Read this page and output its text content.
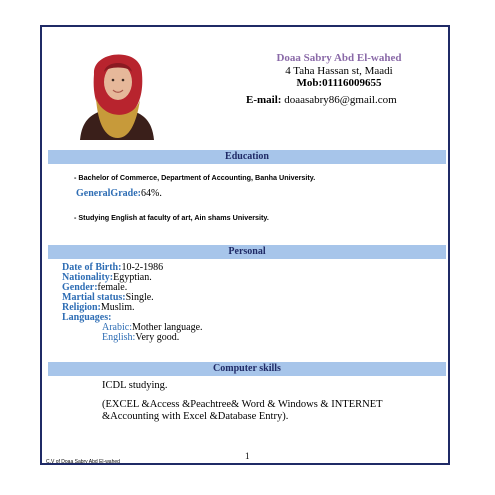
Doaa Sabry Abd El-wahed
4 Taha Hassan st, Maadi
Mob:01116009655
E-mail: doaasabry86@gmail.com
Education
- Bachelor of Commerce, Department of Accounting, Banha University.
GeneralGrade:64%.
- Studying English at faculty of art, Ain shams University.
Personal
Date of Birth:10-2-1986
Nationality:Egyptian.
Gender:female.
Martial status:Single.
Religion:Muslim.
Languages:
Arabic:Mother language.
English:Very good.
Computer skills
ICDL studying.
(EXCEL &Access &Peachtree& Word & Windows & INTERNET &Accounting with Excel &Database Entry).
1
C.V of Doaa Sabry Abd El-wahed
